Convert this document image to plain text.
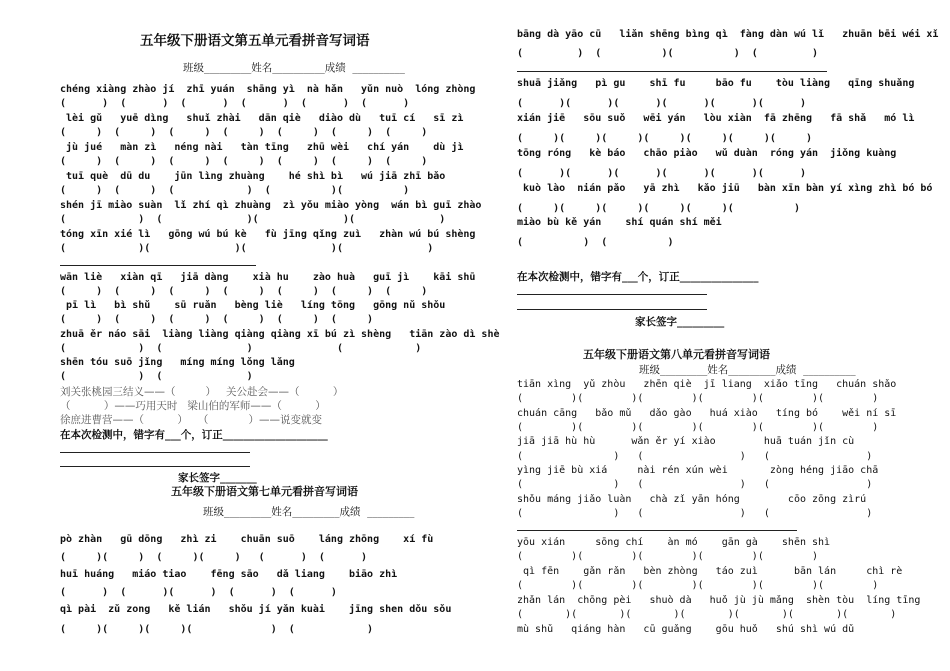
五年级下册语文第五单元看拼音写词语
班级_________姓名__________成绩  __________
chéng xiàng zhào jí  zhī yuán  shāng yì  nà hǎn   yǔn nuò  lóng zhòng
(      )  (      )  (      )  (      )  (      )  (      )
lèi gǔ   yuē dìng   shuǐ zhài   dān qiè   diào dù   tuī cí   sī zì
(     )  (     )  (     )  (     )  (     )  (     )  (     )
jù jué   màn zì   néng nài   tàn tīng   zhū wèi   chí yán    dù jì
(     )  (     )  (     )  (     )  (     )  (     )  (     )
tuī què  dū du    jūn lìng zhuàng    hé shì bì   wú jiā zhī bǎo
(     )  (     )  (            )  (          )(          )
shén jī miào suàn  lǐ zhí qì zhuàng  zì yǒu miào yòng  wán bì guī zhào
(            )  (              )(              )(              )
tóng xīn xié lì   gōng wú bú kè   fù jīng qǐng zuì   zhàn wú bú shèng
(            )(              )(              )(              )
wān liè   xiàn qī   jiā dàng    xià hu    zào huà   guī jì    kāi shū
(     )  (     )  (     )  (     )  (     )  (     )  (     )
pī lì   bì shǔ    sū ruǎn   bèng liè   líng tōng   gōng nǔ shǒu
(     )  (     )  (     )  (     )  (     )  (     )
zhuā ěr náo sāi  liàng liàng qiàng qiàng xī bú zì shèng   tiān zào dì shè
(            )  (              )              (            )
shēn tóu suō jǐng   míng míng lǒng lǎng
(            )  (              )
刘关张桃园三结义——（         ）   关公赴会——（          ）
（          ）——巧用天时   梁山伯的军师——（          ）
徐庶进曹营——（          ）   （            ）——说变就变
在本次检测中，错字有___个，订正____________________
家长签字_______
五年级下册语文第七单元看拼音写词语
班级_________姓名_________成绩  _________
pò zhàn   gū dōng   zhì zi    chuān suō    láng zhōng    xí fù
(     )(     )  (     )(     )   (      )  (      )
huī huáng   miáo tiao    fēng sāo   dǎ liang    biāo zhì
(      )  (      )(      )  (      )  (      )
qì pài  zǔ zong   kě lián   shǒu jí yǎn kuài    jīng shen dǒu sǒu
(     )(     )(     )(             )  (            )
bāng dà yāo cū   liǎn shēng bìng qì  fàng dàn wú lǐ   zhuān bēi wéi xǐ
(         )  (          )(          )  (         )
shuā jiǎng   pì gu    shī fu     bāo fu    tòu liàng   qīng shuǎng
(      )(      )(      )(      )(      )(      )
xián jiē   sōu suǒ   wēi yán   lòu xiàn  fā zhēng   fā shǎ   mó lì
(     )(     )(     )(     )(     )(     )(     )
tōng róng   kè báo   chāo piào   wǔ duàn  róng yán  jiǒng kuàng
(      )(      )(      )(      )(      )(      )
kuò lào  nián pǎo   yā zhì   kǎo jiū   bàn xīn bàn yí xìng zhì bó bó
(     )(     )(     )(     )(     )(          )
miào bù kě yán    shí quán shí měi
(          )  (          )
在本次检测中，错字有___个，订正_______________
家长签字_________
五年级下册语文第八单元看拼音写词语
班级_________姓名_________成绩  __________
tiān xìng  yǔ zhòu   zhēn qiè  jī liang  xiǎo tīng   chuán shǎo
(        )(        )(        )(        )(        )(        )
chuán cāng   bǎo mǔ   dǎo gào   huá xiào   tíng bó    wěi ní sī
(        )(        )(        )(        )(        )(        )
jiā jiā hù hù      wǎn ěr yí xiào        huā tuán jǐn cù
(               )   (                )   (                )
yìng jiē bù xiá     nài rén xún wèi       zòng héng jiāo chā
(               )   (                )   (                )
shǒu máng jiǎo luàn   chà zǐ yān hóng        cōo zōng zìrú
(               )   (                )   (                )
yōu xián     sōng chí    àn mó    gān gà    shēn shì
(        )(        )(        )(        )(        )
qì fēn    gǎn rǎn   bèn zhòng   táo zuì      bān lán     chì rè
(        )(        )(        )(        )(        )(        )
zhǎn lán  chōng pèi   shuò dà   huǒ jù jù mǎng  shèn tòu  líng tīng
(       )(       )(       )(       )(       )(       )(       )
mù shǔ   qiáng hàn   cū guǎng    gōu huǒ   shú shì wú dǔ
